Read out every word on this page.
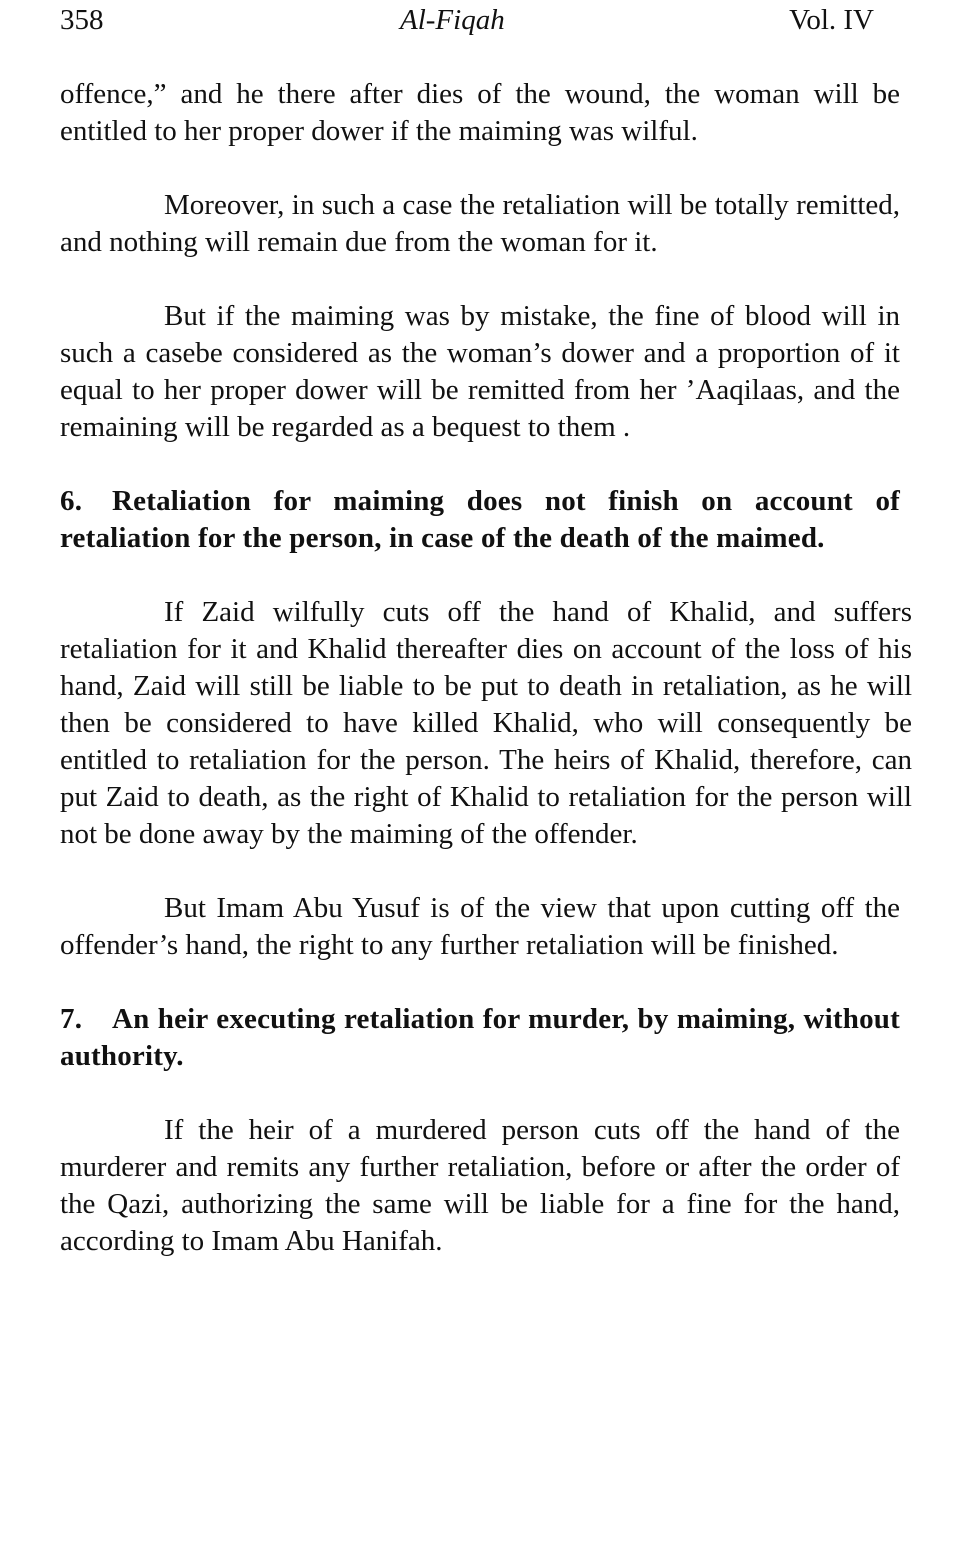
358	Al-Fiqah	Vol. IV

offence,” and he there after dies of the wound, the woman will be entitled to her proper dower if the maiming was wilful.

Moreover, in such a case the retaliation will be totally remitted, and nothing will remain due from the woman for it.

But if the maiming was by mistake, the fine of blood will in such a casebe considered as the woman’s dower and a proportion of it equal to her proper dower will be remitted from her ’Aaqilaas, and the remaining will be regarded as a bequest to them .

6. Retaliation for maiming does not finish on account of retaliation for the person, in case of the death of the maimed.

If Zaid wilfully cuts off the hand of Khalid, and suffers retaliation for it and Khalid thereafter dies on account of the loss of his hand, Zaid will still be liable to be put to death in retaliation, as he will then be considered to have killed Khalid, who will consequently be entitled to retaliation for the person. The heirs of Khalid, therefore, can put Zaid to death, as the right of Khalid to retaliation for the person will not be done away by the maiming of the offender.

But Imam Abu Yusuf is of the view that upon cutting off the offender’s hand, the right to any further retaliation will be finished.

7. An heir executing retaliation for murder, by maiming, without authority.

If the heir of a murdered person cuts off the hand of the murderer and remits any further retaliation, before or after the order of the Qazi, authorizing the same will be liable for a fine for the hand, according to Imam Abu Hanifah.
